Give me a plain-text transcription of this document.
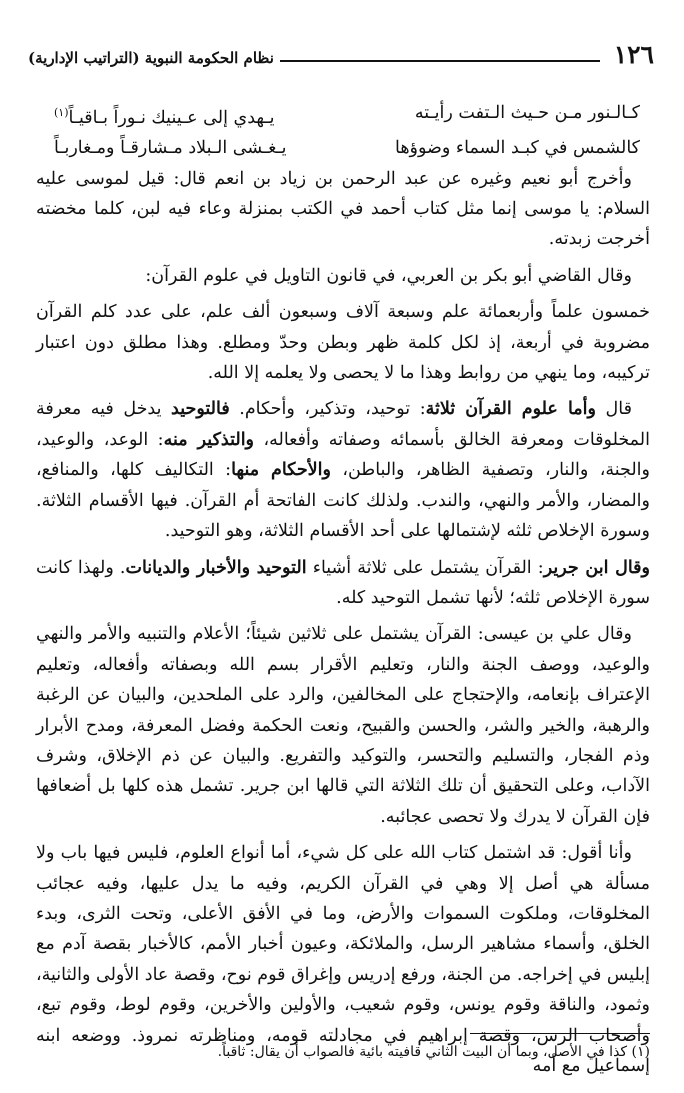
١٢٦
نظام الحكومة النبوية (التراتيب الإدارية)
كـالـنور مـن حـيث الـتفت رأيـته
يـهدي إلى عـينيك نـوراً بـاقيـاً$^{(١)}$
كالشمس في كبـد السماء وضوؤها
يـغـشى الـبلاد مـشارقـاً ومـغاربـاً

وأخرج أبو نعيم وغيره عن عبد الرحمن بن زياد بن انعم قال: قيل لموسى عليه السلام: يا موسى إنما مثل كتاب أحمد في الكتب بمنزلة وعاء فيه لبن، كلما مخضته أخرجت زبدته.

وقال القاضي أبو بكر بن العربي، في قانون التاويل في علوم القرآن:

خمسون علماً وأربعمائة علم وسبعة آلاف وسبعون ألف علم، على عدد كلم القرآن مضروبة في أربعة، إذ لكل كلمة ظهر وبطن وحدّ ومطلع. وهذا مطلق دون اعتبار تركيبه، وما ينهي من روابط وهذا ما لا يحصى ولا يعلمه إلا الله.

قال وأما علوم القرآن ثلاثة: توحيد، وتذكير، وأحكام. فالتوحيد يدخل فيه معرفة المخلوقات ومعرفة الخالق بأسمائه وصفاته وأفعاله، والتذكير منه: الوعد، والوعيد، والجنة، والنار، وتصفية الظاهر، والباطن، والأحكام منها: التكاليف كلها، والمنافع، والمضار، والأمر والنهي، والندب. ولذلك كانت الفاتحة أم القرآن. فيها الأقسام الثلاثة. وسورة الإخلاص ثلثه لإشتمالها على أحد الأقسام الثلاثة، وهو التوحيد.

وقال ابن جرير: القرآن يشتمل على ثلاثة أشياء التوحيد والأخبار والديانات. ولهذا كانت سورة الإخلاص ثلثه؛ لأنها تشمل التوحيد كله.

وقال علي بن عيسى: القرآن يشتمل على ثلاثين شيئاً؛ الأعلام والتنبيه والأمر والنهي والوعيد، ووصف الجنة والنار، وتعليم الأقرار بسم الله وبصفاته وأفعاله، وتعليم الإعتراف بإنعامه، والإحتجاج على المخالفين، والرد على الملحدين، والبيان عن الرغبة والرهبة، والخير والشر، والحسن والقبيح، ونعت الحكمة وفضل المعرفة، ومدح الأبرار وذم الفجار، والتسليم والتحسر، والتوكيد والتفريع. والبيان عن ذم الإخلاق، وشرف الآداب، وعلى التحقيق أن تلك الثلاثة التي قالها ابن جرير. تشمل هذه كلها بل أضعافها فإن القرآن لا يدرك ولا تحصى عجائبه.

وأنا أقول: قد اشتمل كتاب الله على كل شيء، أما أنواع العلوم، فليس فيها باب ولا مسألة هي أصل إلا وهي في القرآن الكريم، وفيه ما يدل عليها، وفيه عجائب المخلوقات، وملكوت السموات والأرض، وما في الأفق الأعلى، وتحت الثرى، وبدء الخلق، وأسماء مشاهير الرسل، والملائكة، وعيون أخبار الأمم، كالأخبار بقصة آدم مع إبليس في إخراجه. من الجنة، ورفع إدريس وإغراق قوم نوح، وقصة عاد الأولى والثانية، وثمود، والناقة وقوم يونس، وقوم شعيب، والأولين والأخرين، وقوم لوط، وقوم تبع، وأصحاب الرس، وقصة إبراهيم في مجادلته قومه، ومناظرته نمروذ. ووضعه ابنه إسماعيل مع أمه

(١) كذا في الأصل، وبما أن البيت الثاني قافيته بائية فالصواب أن يقال: ثاقباً.
